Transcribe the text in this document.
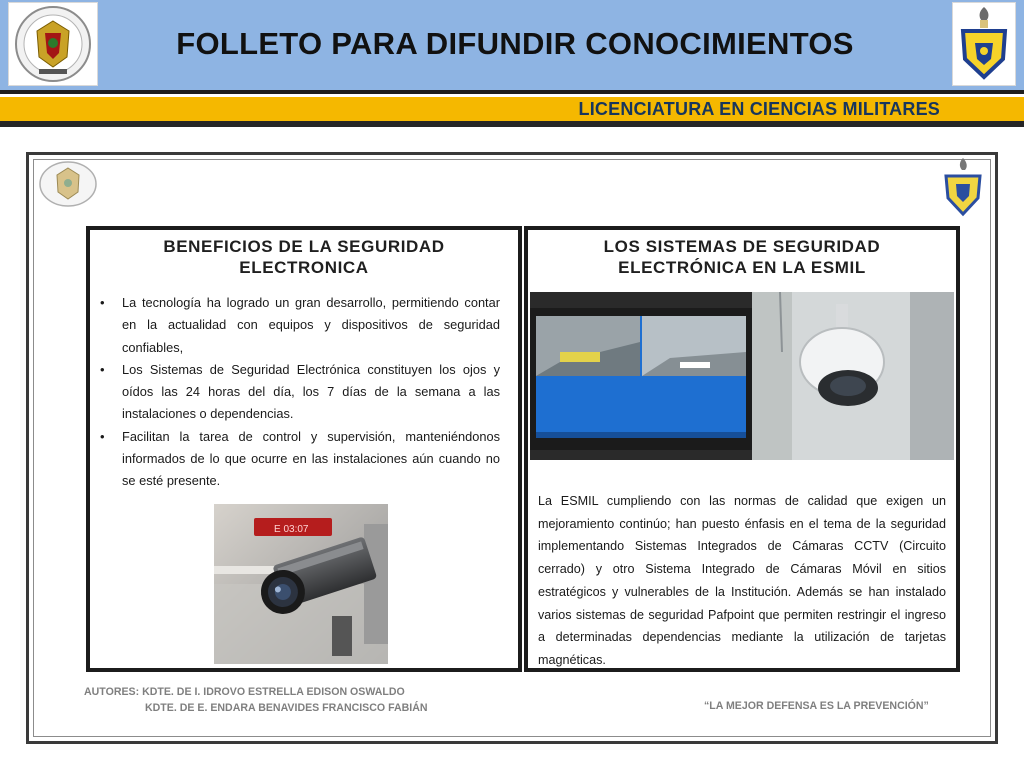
FOLLETO PARA DIFUNDIR CONOCIMIENTOS
LICENCIATURA EN CIENCIAS MILITARES
BENEFICIOS DE LA SEGURIDAD
ELECTRONICA
• La tecnología ha logrado un gran desarrollo, permitiendo contar en la actualidad con equipos y dispositivos de seguridad confiables,
• Los Sistemas de Seguridad Electrónica constituyen los ojos y oídos las 24 horas del día, los 7 días de la semana a las instalaciones o dependencias.
• Facilitan la tarea de control y supervisión, manteniéndonos informados de lo que ocurre en las instalaciones aún cuando no se esté presente.
E 03:07
LOS SISTEMAS DE SEGURIDAD
ELECTRÓNICA EN LA ESMIL
La ESMIL cumpliendo con las normas de calidad que exigen un mejoramiento continúo; han puesto énfasis en el tema de la seguridad implementando Sistemas Integrados de Cámaras CCTV (Circuito cerrado) y otro Sistema Integrado de Cámaras Móvil en sitios estratégicos y vulnerables de la Institución. Además se han instalado varios sistemas de seguridad Pafpoint que permiten restringir el ingreso a determinadas dependencias mediante la utilización de tarjetas magnéticas.
AUTORES: KDTE. DE I. IDROVO ESTRELLA EDISON OSWALDO
KDTE. DE E. ENDARA BENAVIDES FRANCISCO FABIÁN	“LA MEJOR DEFENSA ES LA PREVENCIÓN”
